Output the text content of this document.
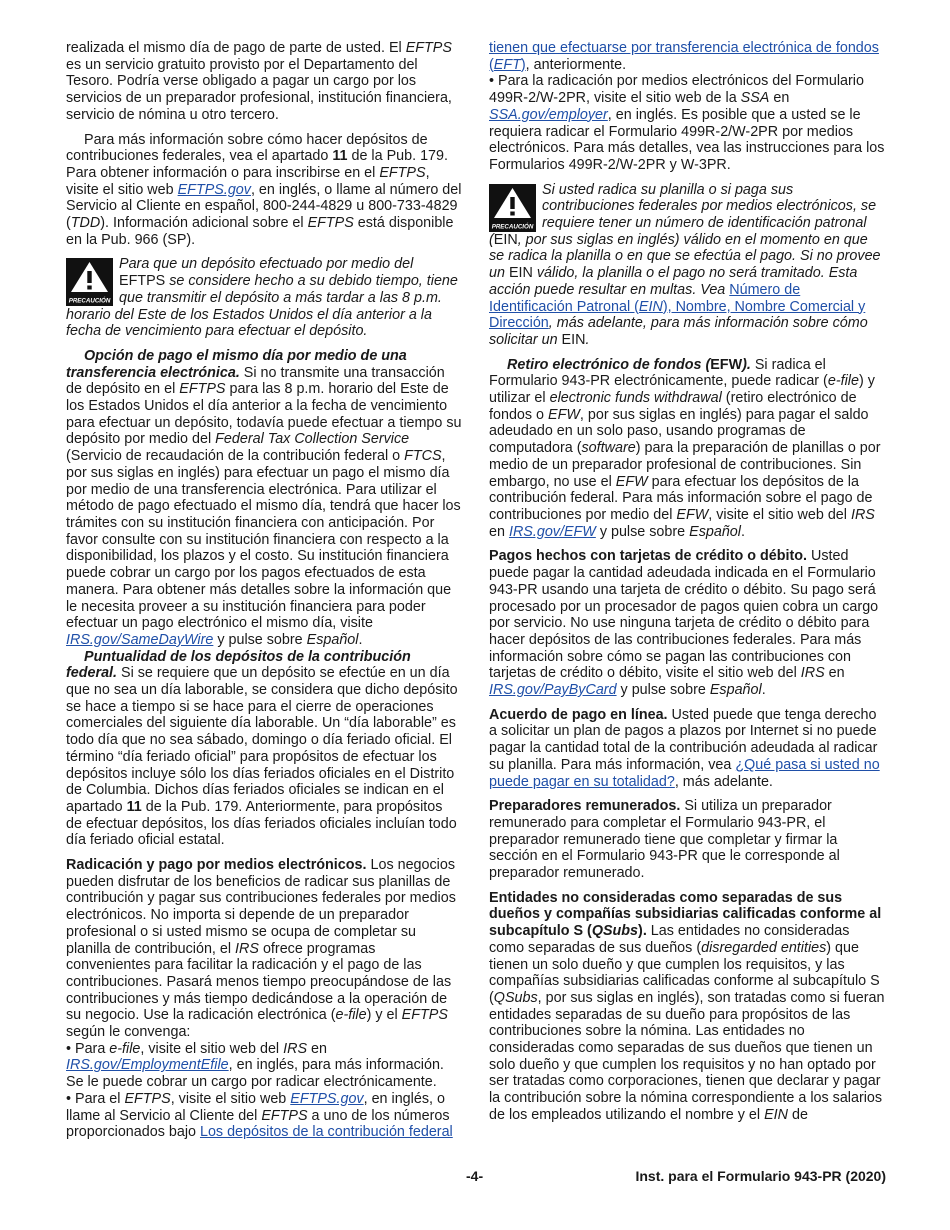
realizada el mismo día de pago de parte de usted. El EFTPS es un servicio gratuito provisto por el Departamento del Tesoro. Podría verse obligado a pagar un cargo por los servicios de un preparador profesional, institución financiera, servicio de nómina u otro tercero.

Para más información sobre cómo hacer depósitos de contribuciones federales, vea el apartado 11 de la Pub. 179. Para obtener información o para inscribirse en el EFTPS, visite el sitio web EFTPS.gov, en inglés, o llame al número del Servicio al Cliente en español, 800-244-4829 u 800-733-4829 (TDD). Información adicional sobre el EFTPS está disponible en la Pub. 966 (SP).

PRECAUCIÓN

Para que un depósito efectuado por medio del EFTPS se considere hecho a su debido tiempo, tiene que transmitir el depósito a más tardar a las 8 p.m. horario del Este de los Estados Unidos el día anterior a la fecha de vencimiento para efectuar el depósito.

Opción de pago el mismo día por medio de una transferencia electrónica. Si no transmite una transacción de depósito en el EFTPS para las 8 p.m. horario del Este de los Estados Unidos el día anterior a la fecha de vencimiento para efectuar un depósito, todavía puede efectuar a tiempo su depósito por medio del Federal Tax Collection Service (Servicio de recaudación de la contribución federal o FTCS, por sus siglas en inglés) para efectuar un pago el mismo día por medio de una transferencia electrónica. Para utilizar el método de pago efectuado el mismo día, tendrá que hacer los trámites con su institución financiera con anticipación. Por favor consulte con su institución financiera con respecto a la disponibilidad, los plazos y el costo. Su institución financiera puede cobrar un cargo por los pagos efectuados de esta manera. Para obtener más detalles sobre la información que le necesita proveer a su institución financiera para poder efectuar un pago electrónico el mismo día, visite IRS.gov/SameDayWire y pulse sobre Español.

Puntualidad de los depósitos de la contribución federal. Si se requiere que un depósito se efectúe en un día que no sea un día laborable, se considera que dicho depósito se hace a tiempo si se hace para el cierre de operaciones comerciales del siguiente día laborable. Un “día laborable” es todo día que no sea sábado, domingo o día feriado oficial. El término “día feriado oficial” para propósitos de efectuar los depósitos incluye sólo los días feriados oficiales en el Distrito de Columbia. Dichos días feriados oficiales se indican en el apartado 11 de la Pub. 179. Anteriormente, para propósitos de efectuar depósitos, los días feriados oficiales incluían todo día feriado oficial estatal.

Radicación y pago por medios electrónicos. Los negocios pueden disfrutar de los beneficios de radicar sus planillas de contribución y pagar sus contribuciones federales por medios electrónicos. No importa si depende de un preparador profesional o si usted mismo se ocupa de completar su planilla de contribución, el IRS ofrece programas convenientes para facilitar la radicación y el pago de las contribuciones. Pasará menos tiempo preocupándose de las contribuciones y más tiempo dedicándose a la operación de su negocio. Use la radicación electrónica (e-file) y el EFTPS según le convenga:

• Para e-file, visite el sitio web del IRS en IRS.gov/EmploymentEfile, en inglés, para más información. Se le puede cobrar un cargo por radicar electrónicamente.

• Para el EFTPS, visite el sitio web EFTPS.gov, en inglés, o llame al Servicio al Cliente del EFTPS a uno de los números proporcionados bajo Los depósitos de la contribución federal

tienen que efectuarse por transferencia electrónica de fondos (EFT), anteriormente.

• Para la radicación por medios electrónicos del Formulario 499R-2/W-2PR, visite el sitio web de la SSA en SSA.gov/employer, en inglés. Es posible que a usted se le requiera radicar el Formulario 499R-2/W-2PR por medios electrónicos. Para más detalles, vea las instrucciones para los Formularios 499R-2/W-2PR y W-3PR.

PRECAUCIÓN

Si usted radica su planilla o si paga sus contribuciones federales por medios electrónicos, se requiere tener un número de identificación patronal (EIN, por sus siglas en inglés) válido en el momento en que se radica la planilla o en que se efectúa el pago. Si no provee un EIN válido, la planilla o el pago no será tramitado. Esta acción puede resultar en multas. Vea Número de Identificación Patronal (EIN), Nombre, Nombre Comercial y Dirección, más adelante, para más información sobre cómo solicitar un EIN.

Retiro electrónico de fondos (EFW). Si radica el Formulario 943-PR electrónicamente, puede radicar (e-file) y utilizar el electronic funds withdrawal (retiro electrónico de fondos o EFW, por sus siglas en inglés) para pagar el saldo adeudado en un solo paso, usando programas de computadora (software) para la preparación de planillas o por medio de un preparador profesional de contribuciones. Sin embargo, no use el EFW para efectuar los depósitos de la contribución federal. Para más información sobre el pago de contribuciones por medio del EFW, visite el sitio web del IRS en IRS.gov/EFW y pulse sobre Español.

Pagos hechos con tarjetas de crédito o débito. Usted puede pagar la cantidad adeudada indicada en el Formulario 943-PR usando una tarjeta de crédito o débito. Su pago será procesado por un procesador de pagos quien cobra un cargo por servicio. No use ninguna tarjeta de crédito o débito para hacer depósitos de las contribuciones federales. Para más información sobre cómo se pagan las contribuciones con tarjetas de crédito o débito, visite el sitio web del IRS en IRS.gov/PayByCard y pulse sobre Español.

Acuerdo de pago en línea. Usted puede que tenga derecho a solicitar un plan de pagos a plazos por Internet si no puede pagar la cantidad total de la contribución adeudada al radicar su planilla. Para más información, vea ¿Qué pasa si usted no puede pagar en su totalidad?, más adelante.

Preparadores remunerados. Si utiliza un preparador remunerado para completar el Formulario 943-PR, el preparador remunerado tiene que completar y firmar la sección en el Formulario 943-PR que le corresponde al preparador remunerado.

Entidades no consideradas como separadas de sus dueños y compañías subsidiarias calificadas conforme al subcapítulo S (QSubs). Las entidades no consideradas como separadas de sus dueños (disregarded entities) que tienen un solo dueño y que cumplen los requisitos, y las compañías subsidiarias calificadas conforme al subcapítulo S (QSubs, por sus siglas en inglés), son tratadas como si fueran entidades separadas de su dueño para propósitos de las contribuciones sobre la nómina. Las entidades no consideradas como separadas de sus dueños que tienen un solo dueño y que cumplen los requisitos y no han optado por ser tratadas como corporaciones, tienen que declarar y pagar la contribución sobre la nómina correspondiente a los salarios de los empleados utilizando el nombre y el EIN de

-4-	Inst. para el Formulario 943-PR (2020)
